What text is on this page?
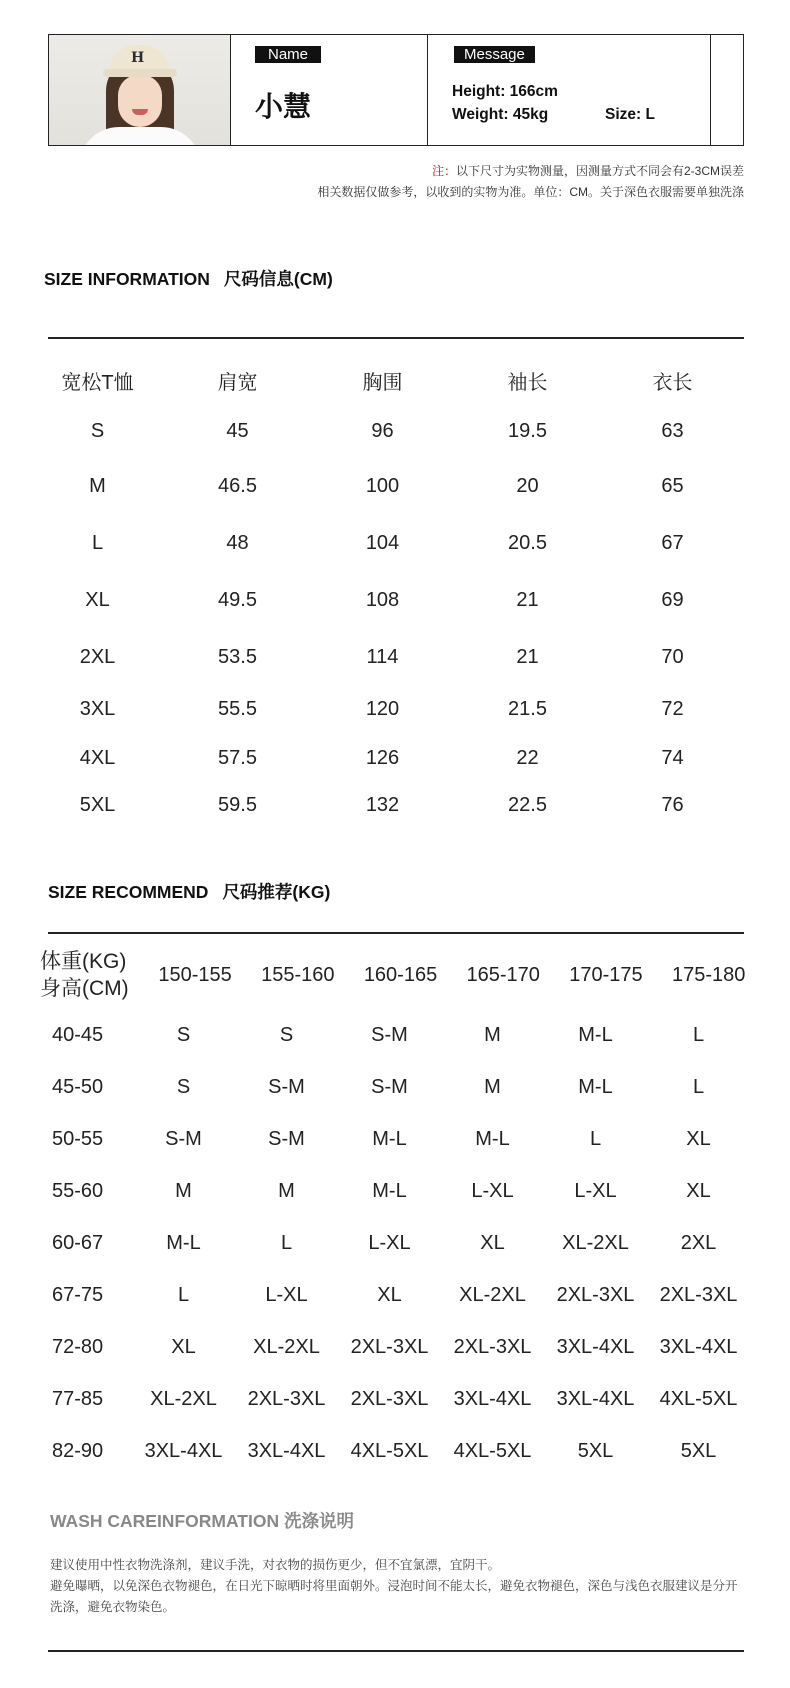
H	Name
小慧
Message
Height: 166cm
Weight: 45kg	Size: L
注：以下尺寸为实物测量，因测量方式不同会有2-3CM误差
相关数据仅做参考，以收到的实物为准。单位：CM。关于深色衣服需要单独洗涤
SIZE INFORMATION 尺码信息(CM)
宽松T恤	肩宽	胸围	袖长	衣长
S	45	96	19.5	63
M	46.5	100	20	65
L	48	104	20.5	67
XL	49.5	108	21	69
2XL	53.5	114	21	70
3XL	55.5	120	21.5	72
4XL	57.5	126	22	74
5XL	59.5	132	22.5	76
SIZE RECOMMEND 尺码推荐(KG)
体重(KG)
身高(CM)
150-155	155-160	160-165	165-170	170-175	175-180
40-45	S	S	S-M	M	M-L	L
45-50	S	S-M	S-M	M	M-L	L
50-55	S-M	S-M	M-L	M-L	L	XL
55-60	M	M	M-L	L-XL	L-XL	XL
60-67	M-L	L	L-XL	XL	XL-2XL	2XL
67-75	L	L-XL	XL	XL-2XL	2XL-3XL	2XL-3XL
72-80	XL	XL-2XL	2XL-3XL	2XL-3XL	3XL-4XL	3XL-4XL
77-85	XL-2XL	2XL-3XL	2XL-3XL	3XL-4XL	3XL-4XL	4XL-5XL
82-90	3XL-4XL	3XL-4XL	4XL-5XL	4XL-5XL	5XL	5XL
WASH CAREINFORMATION 洗涤说明
建议使用中性衣物洗涤剂，建议手洗，对衣物的损伤更少，但不宜氯漂，宜阴干。
避免曝晒，以免深色衣物褪色，在日光下晾晒时将里面朝外。浸泡时间不能太长，避免衣物褪色，深色与浅色衣服建议是分开洗涤，避免衣物染色。
